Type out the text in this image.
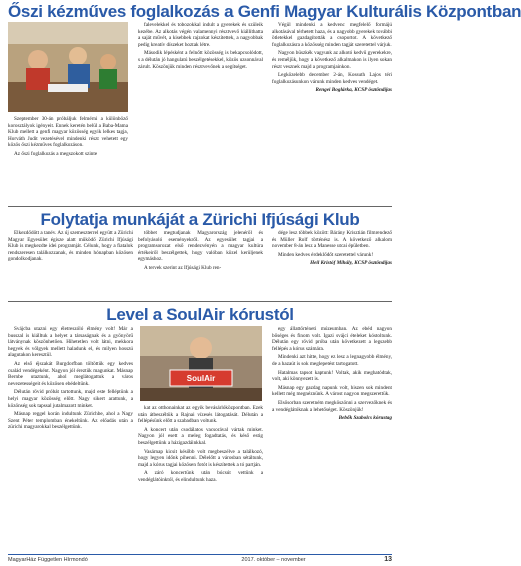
Őszi kézműves foglalkozás a Genfi Magyar Kulturális Központban

Szeptember 30-án próbáljuk felmérni a különböző korosztályok igényeit. Ennek keretén belül a Baba-Mama Klub mellett a genfi magyar közösség egyik lelkes tagja, Horváth Judit vezetésével mindenki részt vehetett egy közös őszi kézműves foglalkozáson.

Az őszi foglalkozás a megszokott szinte

falevelekkel és tobozokkal indult a gyerekek és szüleik kezébe. Az alkotás végén valamennyi résztvevő kiállíthatta a saját művét, a kisebbek rajzokat készítettek, a nagyobbak pedig kreatív díszeket hoztak létre.

Második lépésként a felnőtt közösség is bekapcsolódott, s a délután jó hangulatú beszélgetésekkel, közös uzsonnával zárult. Köszönjük minden résztvevőnek a segítséget.

Végül mindenki a kedvenc megfelelő formájú alkotásával térhetett haza, és a nagyobb gyerekek további ötletekkel gazdagították a csoportot. A következő foglalkozásra a közösség minden tagját szeretettel várjuk.

Nagyon büszkék vagyunk az alkotó kedvű gyerekekre, és reméljük, hogy a következő alkalmakon is ilyen sokan részt vesznek majd a programjainkon.

Legközelebb december 2-án, Kossuth Lajos téri foglalkozásunkon várunk minden kedves vendéget.

Rengei Boglárka, KCSP ösztöndíjas

Folytatja munkáját a Zürichi Ifjúsági Klub

Elkezdődött a tanév. Az új szemeszterrel együtt a Zürichi Magyar Egyesület égisze alatt működő Zürichi Ifjúsági Klub is megkezdte idei programját. Célunk, hogy a fiatalok rendszeresen találkozzanak, és minden hónapban közösen gondolkodjanak.

többet megtudjanak Magyarország jelenéről és befolyásoló eseményekről. Az egyesület tagjai a programsorozat első rendezvényén a magyar kultúra értékeiről beszélgettek, hogy valóban közel kerüljenek egymáshoz.

A tervek szerint az Ifjúsági Klub ren-

dége lesz többek között: Bárány Krisztián filmrendező és Müller Rolf történész is. A következő alkalom november 8-án lesz a Manesse utcai épületben.

Minden kedves érdeklődőt szeretettel várunk!

Heil Kristóf Mihály, KCSP ösztöndíjas

Level a SoulAir kórustól

Svájcba utazni egy életreszóló élmény volt! Már a busszal is kiálltuk a helyet a társaságnak és a gyönyörű látványnak köszönhetően. Hihetetlen volt látni, mekkora hegyek és völgyek mellett haladunk el, és milyen hosszú alagutakon keresztül.

Az első éjszakát Burgdorfban töltöttük egy kedves család vendégeként. Nagyon jól éreztük magunkat. Másnap Bernbe utaztunk, ahol meglátogattuk a város nevezetességeit és közösen ebédeltünk.

Délután rövid próbát tartottunk, majd este felléptünk a helyi magyar közösség előtt. Nagy sikert arattunk, a közönség sok tapssal jutalmazott minket.

Másnap reggel korán indultunk Zürichbe, ahol a Nagy Szent Péter templomban énekeltünk. Az előadás után a zürichi magyarokkal beszélgettünk.

SoulAir

kat az otthonainkat az egyik bevásárlóközpontban. Ezek után átbeszéltük a Rajnai vízesés látogatását. Délután a fellépésünk előtt a szabadban voltunk.

A koncert után csodálatos vacsorával vártak minket. Nagyon jól esett a meleg fogadtatás, és késő estig beszélgettünk a házigazdáinkkal.

Vasárnap kicsit később volt megbeszélve a találkozó, hogy legyen időnk pihenni. Délelőtt a városban sétáltunk, majd a kórus tagjai közösen fotót is készítettek a tó partján.

A záró koncertünk után búcsút vettünk a vendéglátóinktól, és elindultunk haza.

egy állattörténeti múzeumban. Az ebéd nagyon bőséges és finom volt. Igazi svájci ételeket kóstoltunk. Délután egy rövid próba után következett a legszebb fellépés a kórus számára.

Mindenki azt hitte, hogy ez lesz a legnagyobb élmény, de a hazaút is sok meglepetést tartogatott.

Hatalmas tapsot kaptunk! Voltak, akik meghatódtak, volt, aki könnyezett is.

Másnap egy gazdag napunk volt, hiszen sok mindent kellett még megnéznünk. A várost nagyon megszerettük.

Elsősorban szeretném megköszönni a szervezőknek és a vendéglátóknak a lehetőséget. Köszönjük!

Bebők Szabolcs kórustag

MagyarHáz Független Hírmondó	2017. október – november	13
